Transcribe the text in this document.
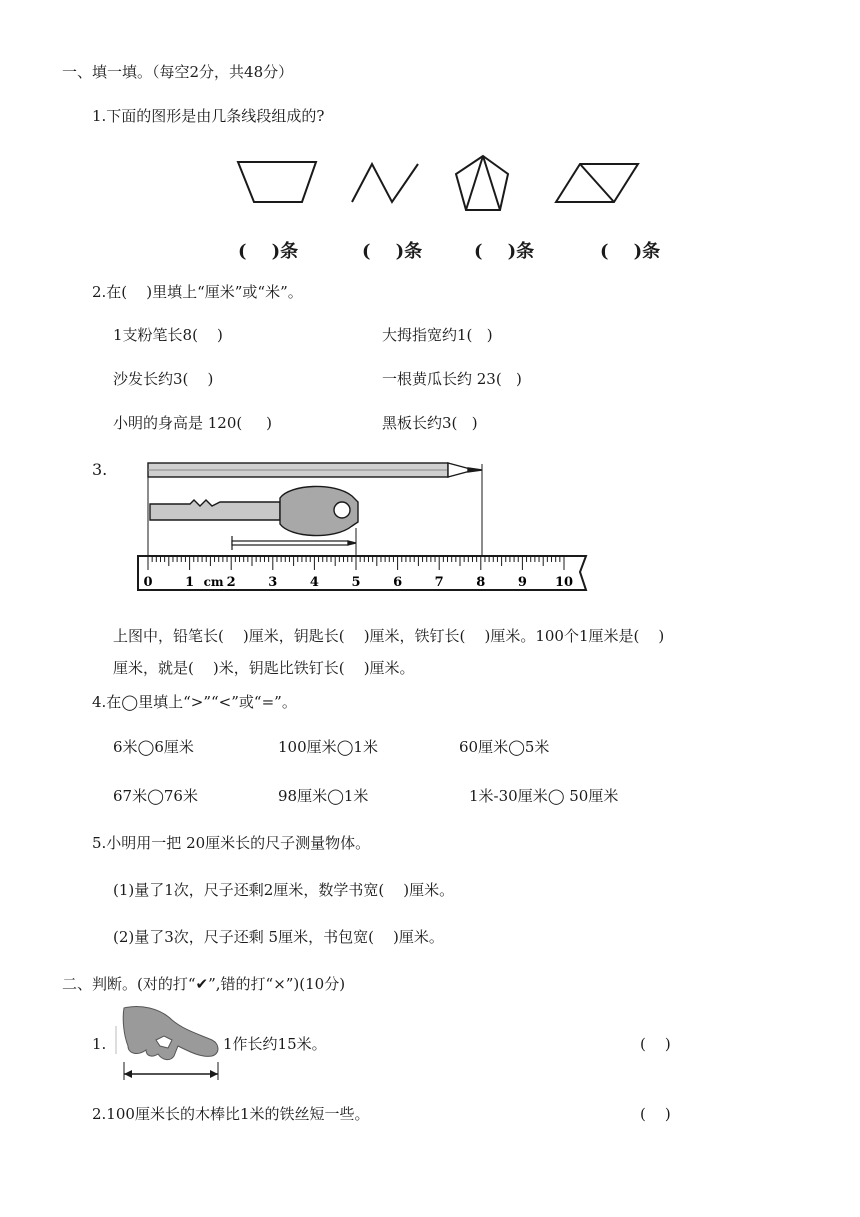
一、填一填。（每空2分，共48分）
1.下面的图形是由几条线段组成的?
(    )条	(    )条	(    )条	(    )条
2.在(    )里填上“厘米”或“米”。
1支粉笔长8(    )	大拇指宽约1(   )
沙发长约3(    )	一根黄瓜长约 23(   )
小明的身高是 120(     )	黑板长约3(   )
3.
0	1	2	3	4	5	6	7	8	9 10
cm
上图中，铅笔长(    )厘米，钥匙长(    )厘米，铁钉长(    )厘米。100个1厘米是(    )
厘米，就是(    )米，钥匙比铁钉长(    )厘米。
4.在◯里填上“>”“<”或“=”。
6米◯6厘米	100厘米◯1米	60厘米◯5米
67米◯76米	98厘米◯1米	1米-30厘米◯ 50厘米
5.小明用一把 20厘米长的尺子测量物体。
(1)量了1次，尺子还剩2厘米，数学书宽(    )厘米。
(2)量了3次，尺子还剩 5厘米，书包宽(    )厘米。
二、判断。(对的打“✔”,错的打“×”)(10分)
1.	1作长约15米。	(    )
2.100厘米长的木棒比1米的铁丝短一些。	(    )
